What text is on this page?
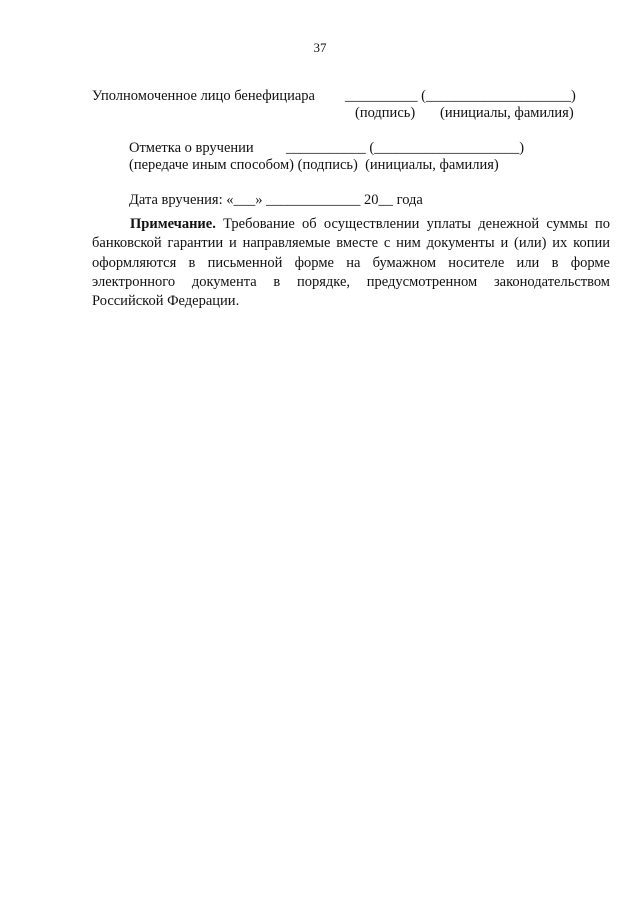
37
Уполномоченное лицо бенефициара __________ (____________________)
(подпись) (инициалы, фамилия)
Отметка о вручении ___________ (____________________)
(передаче иным способом) (подпись)  (инициалы, фамилия)
Дата вручения: «___» _____________ 20__ года

Примечание. Требование об осуществлении уплаты денежной суммы по банковской гарантии и направляемые вместе с ним документы и (или) их копии оформляются в письменной форме на бумажном носителе или в форме электронного документа в порядке, предусмотренном законодательством Российской Федерации.
